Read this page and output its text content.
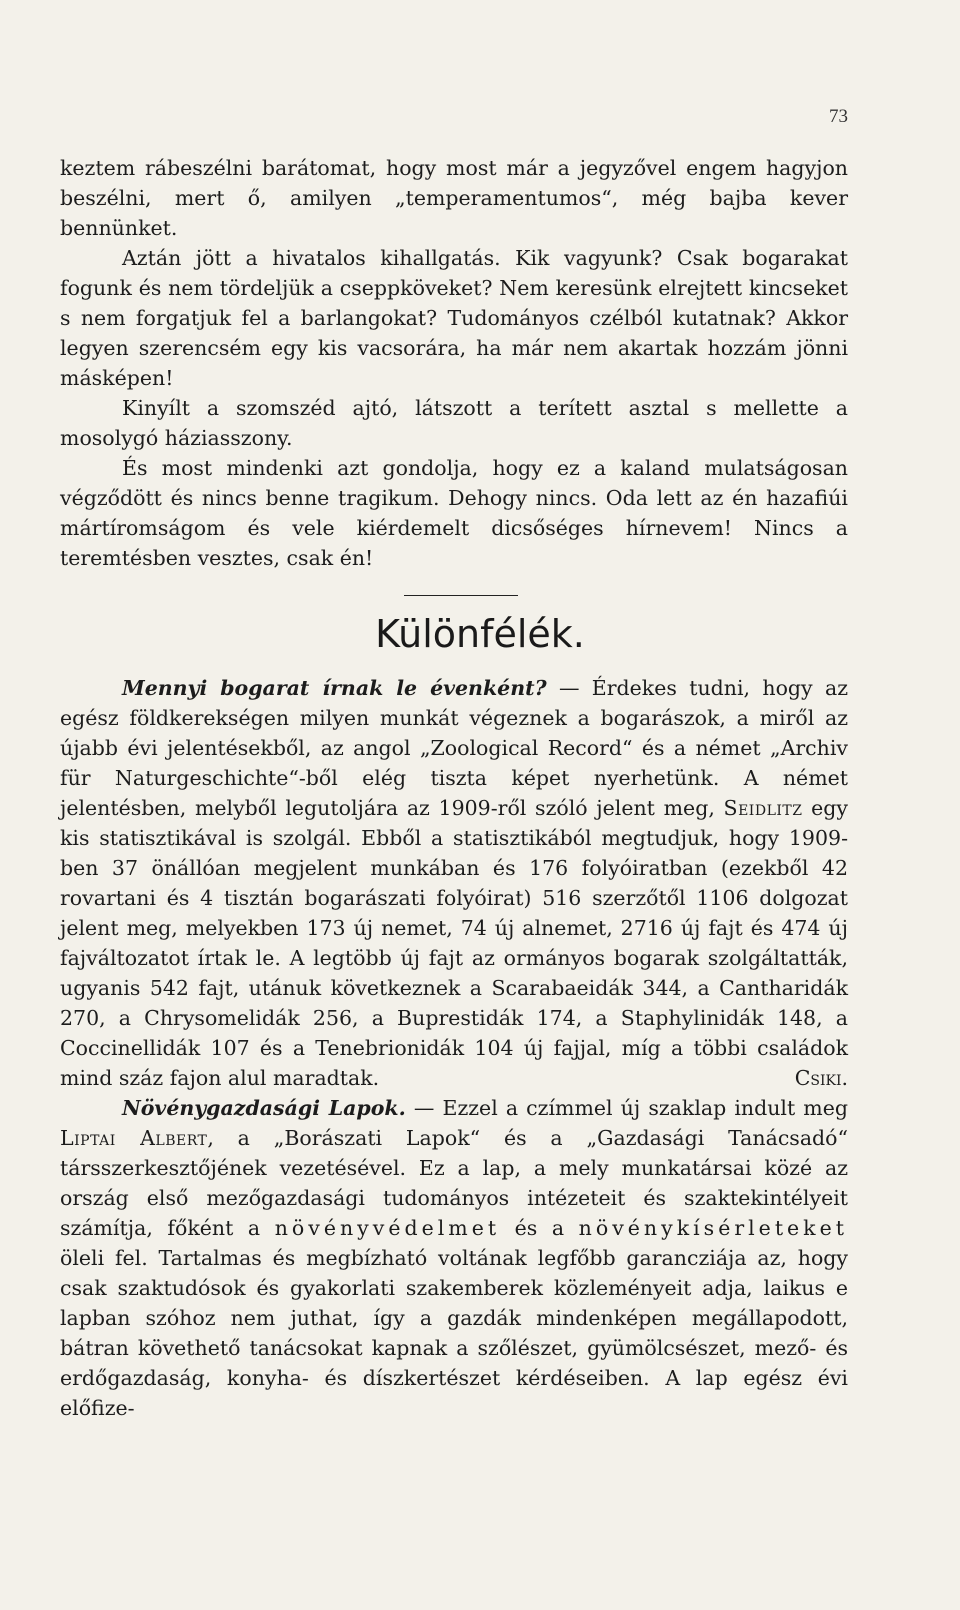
73

keztem rábeszélni barátomat, hogy most már a jegyzővel engem hagyjon beszélni, mert ő, amilyen „temperamentumos“, még bajba kever bennünket.

Aztán jött a hivatalos kihallgatás. Kik vagyunk? Csak bogarakat fogunk és nem tördeljük a cseppköveket? Nem keresünk elrejtett kincseket s nem forgatjuk fel a barlangokat? Tudományos czélból kutatnak? Akkor legyen szerencsém egy kis vacsorára, ha már nem akartak hozzám jönni másképen!

Kinyílt a szomszéd ajtó, látszott a terített asztal s mellette a mosolygó háziasszony.

És most mindenki azt gondolja, hogy ez a kaland mulatságosan végződött és nincs benne tragikum. Dehogy nincs. Oda lett az én hazafiúi mártíromságom és vele kiérdemelt dicsőséges hírnevem! Nincs a teremtésben vesztes, csak én!

Különfélék.

Mennyi bogarat írnak le évenként? — Érdekes tudni, hogy az egész földkerekségen milyen munkát végeznek a bogarászok, a miről az újabb évi jelentésekből, az angol „Zoological Record“ és a német „Archiv für Naturgeschichte“-ből elég tiszta képet nyerhetünk. A német jelentésben, melyből legutoljára az 1909-ről szóló jelent meg, Seidlitz egy kis statisztikával is szolgál. Ebből a statisztikából megtudjuk, hogy 1909-ben 37 önállóan megjelent munkában és 176 folyóiratban (ezekből 42 rovartani és 4 tisztán bogarászati folyóirat) 516 szerzőtől 1106 dolgozat jelent meg, melyekben 173 új nemet, 74 új alnemet, 2716 új fajt és 474 új fajváltozatot írtak le. A legtöbb új fajt az ormányos bogarak szolgáltatták, ugyanis 542 fajt, utánuk következnek a Scarabaeidák 344, a Cantharidák 270, a Chrysomelidák 256, a Buprestidák 174, a Staphylinidák 148, a Coccinellidák 107 és a Tenebrionidák 104 új fajjal, míg a többi családok mind száz fajon alul maradtak.	Csiki.

Növénygazdasági Lapok. — Ezzel a czímmel új szaklap indult meg Liptai Albert, a „Borászati Lapok“ és a „Gazdasági Tanácsadó“ társszerkesztőjének vezetésével. Ez a lap, a mely munkatársai közé az ország első mezőgazdasági tudományos intézeteit és szaktekintélyeit számítja, főként a növényvédelmet és a növénykísérleteket öleli fel. Tartalmas és megbízható voltának legfőbb garancziája az, hogy csak szaktudósok és gyakorlati szakemberek közleményeit adja, laikus e lapban szóhoz nem juthat, így a gazdák mindenképen megállapodott, bátran követhető tanácsokat kapnak a szőlészet, gyümölcsészet, mező- és erdőgazdaság, konyha- és díszkertészet kérdéseiben. A lap egész évi előfize-
